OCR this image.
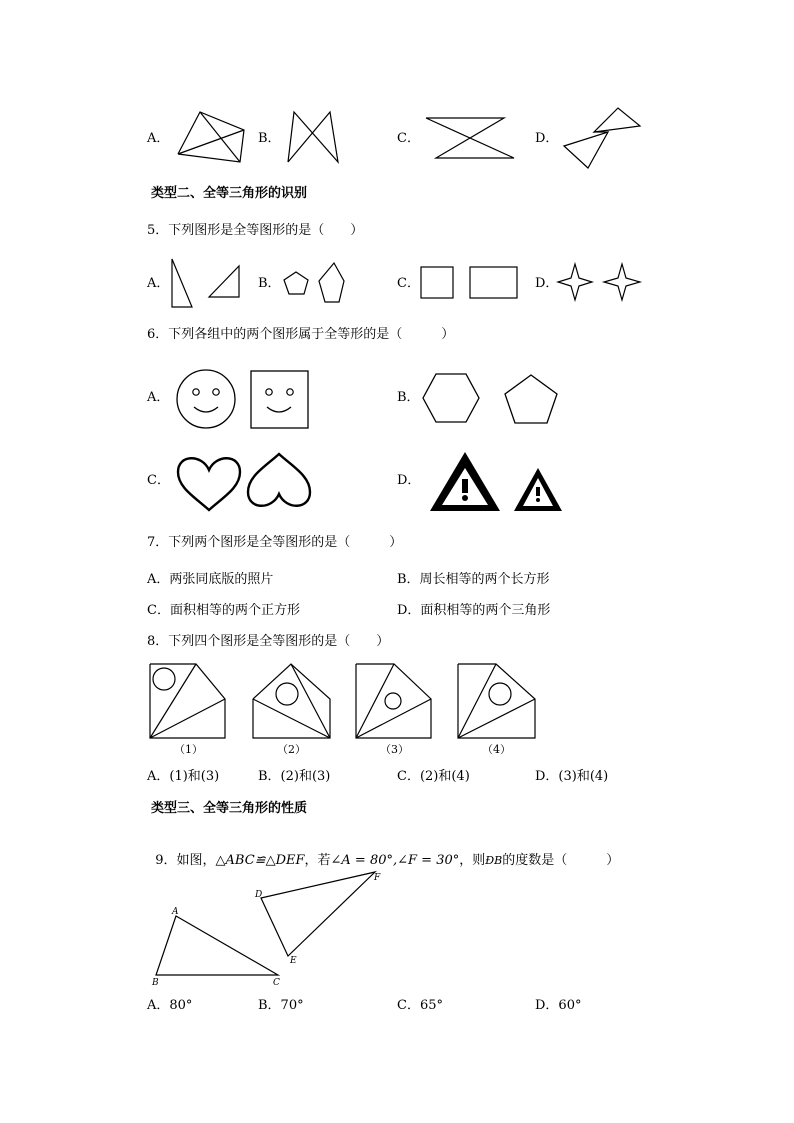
A．	B．	C．	D．
类型二、全等三角形的识别
5．下列图形是全等图形的是（　　）
A．	B．	C．	D．
6．下列各组中的两个图形属于全等形的是（　　　）
A．	B．
C．	D．
7．下列两个图形是全等图形的是（　　　）
A．两张同底版的照片	B．周长相等的两个长方形
C．面积相等的两个正方形	D．面积相等的两个三角形
8．下列四个图形是全等图形的是（　　）
（1）	（2）	（3）	（4）
A．(1)和(3)	B．(2)和(3)	C．(2)和(4)	D．(3)和(4)
类型三、全等三角形的性质

9．如图，△ABC≌△DEF，若∠A = 80°,∠F = 30°，则ÐB的度数是（　　　）

A
B	C
D
E
F
A．80°	B．70°	C．65°	D．60°
